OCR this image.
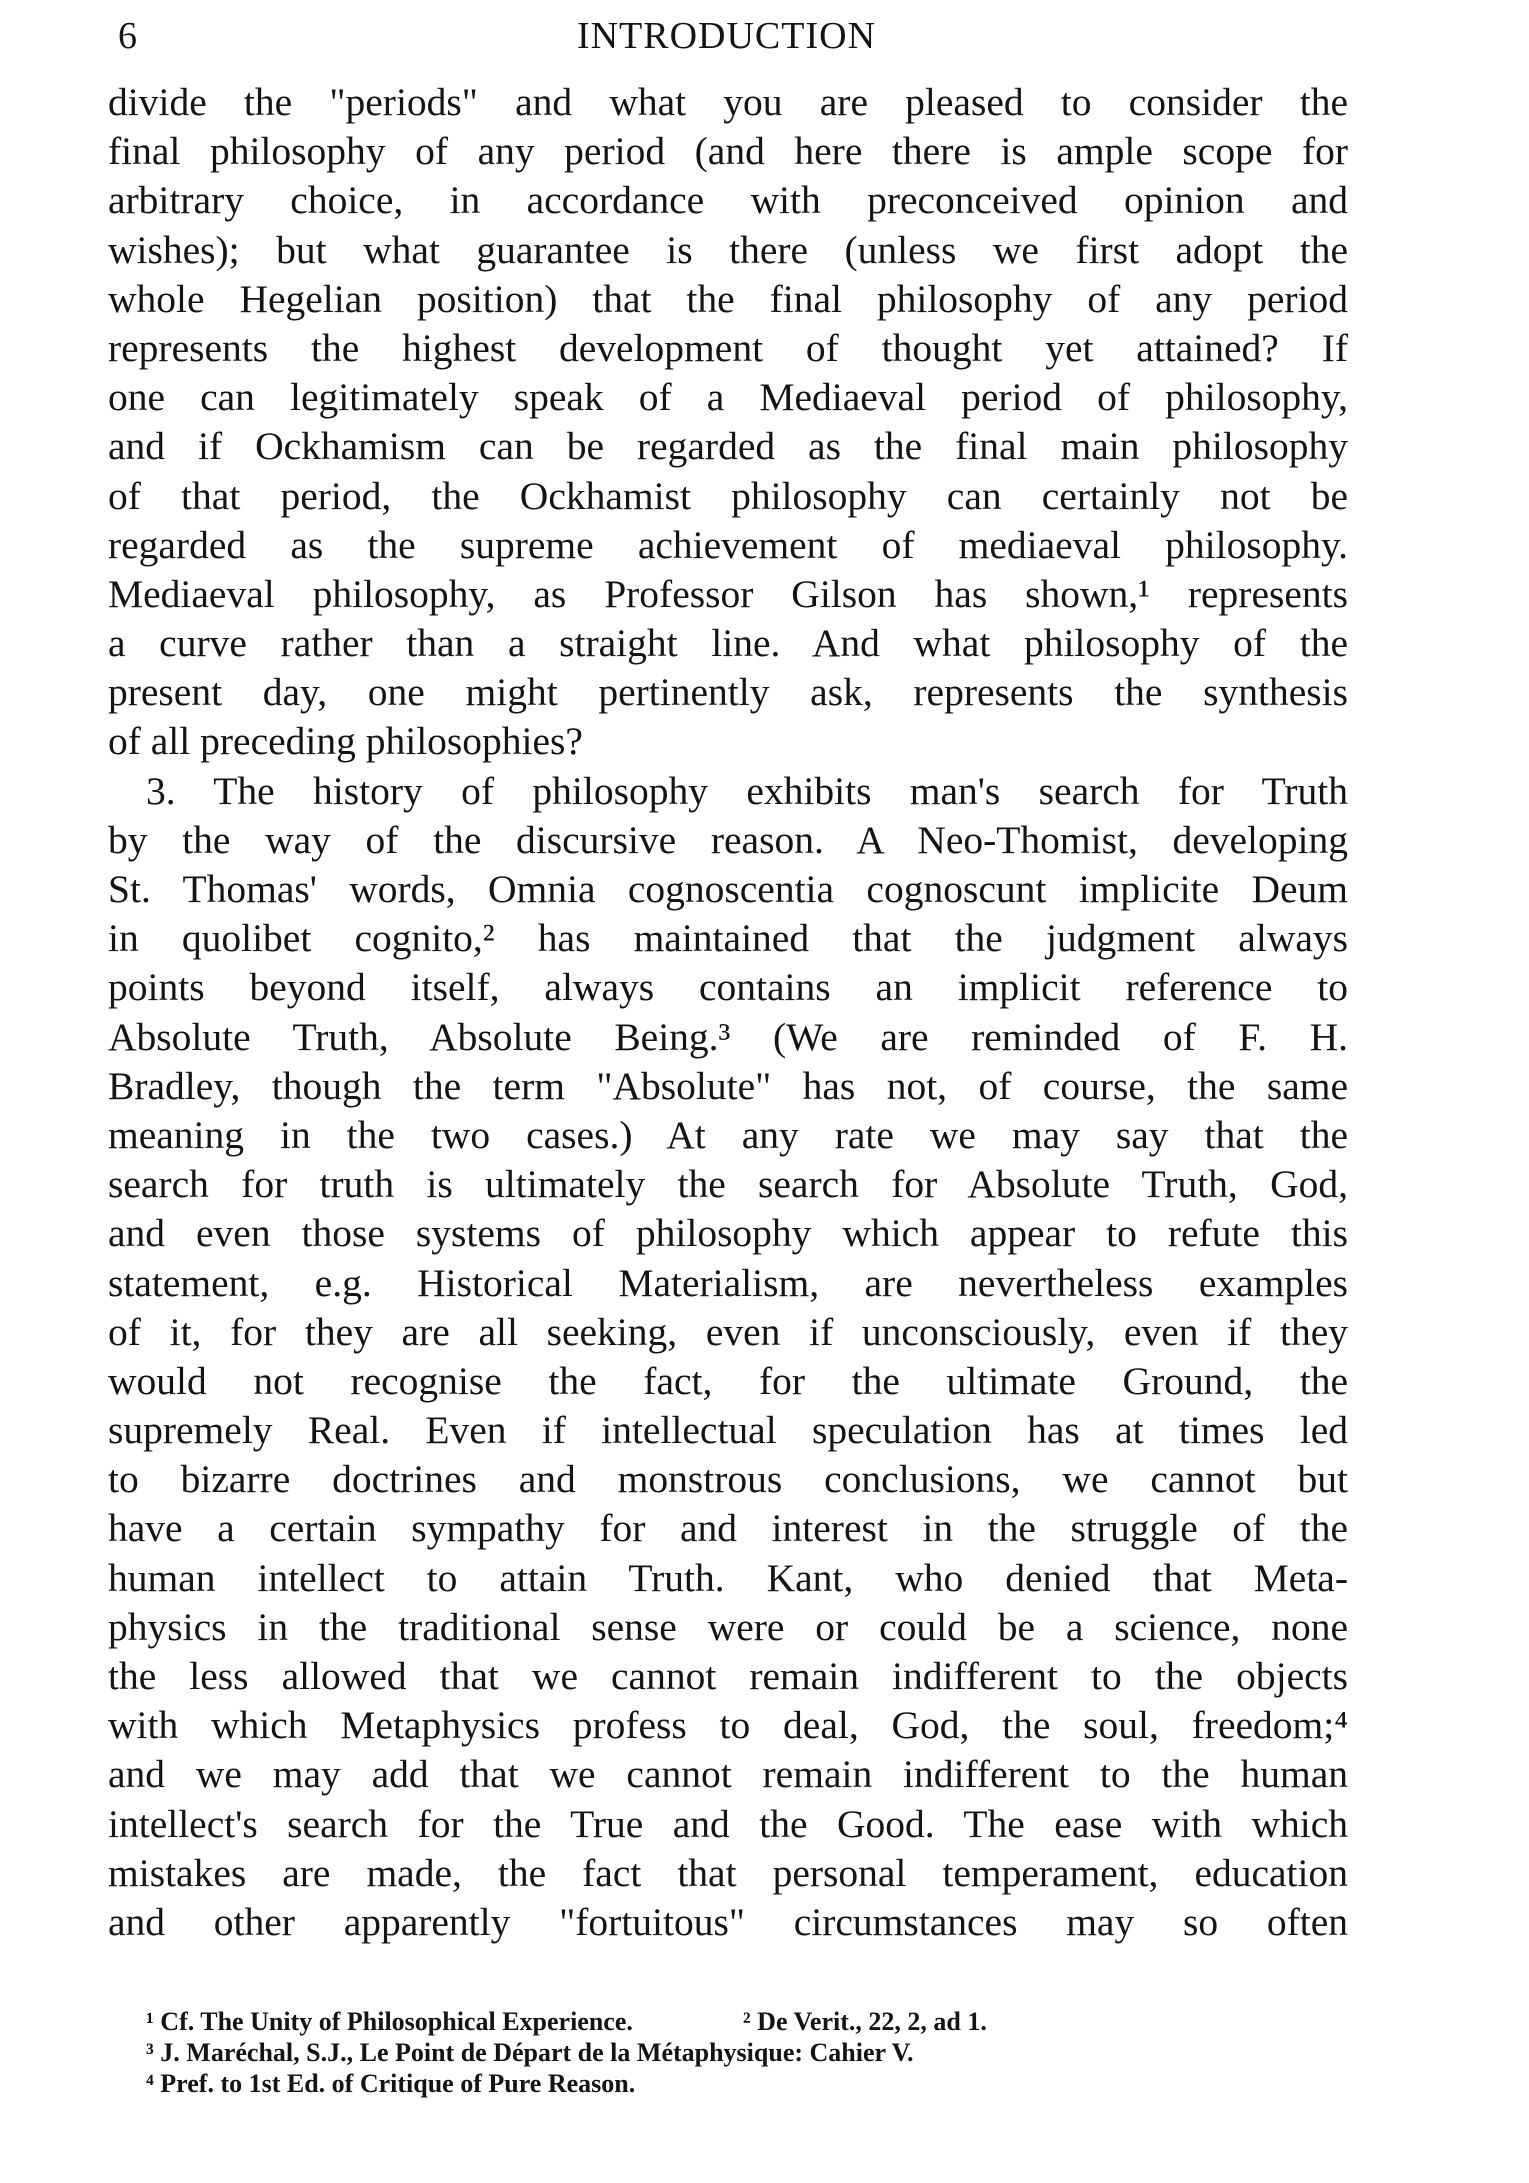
6	INTRODUCTION
divide the "periods" and what you are pleased to consider the
final philosophy of any period (and here there is ample scope for
arbitrary choice, in accordance with preconceived opinion and
wishes); but what guarantee is there (unless we first adopt the
whole Hegelian position) that the final philosophy of any period
represents the highest development of thought yet attained? If
one can legitimately speak of a Mediaeval period of philosophy,
and if Ockhamism can be regarded as the final main philosophy
of that period, the Ockhamist philosophy can certainly not be
regarded as the supreme achievement of mediaeval philosophy.
Mediaeval philosophy, as Professor Gilson has shown,¹ represents
a curve rather than a straight line. And what philosophy of the
present day, one might pertinently ask, represents the synthesis
of all preceding philosophies?
3. The history of philosophy exhibits man's search for Truth
by the way of the discursive reason. A Neo-Thomist, developing
St. Thomas' words, Omnia cognoscentia cognoscunt implicite Deum
in quolibet cognito,² has maintained that the judgment always
points beyond itself, always contains an implicit reference to
Absolute Truth, Absolute Being.³ (We are reminded of F. H.
Bradley, though the term "Absolute" has not, of course, the same
meaning in the two cases.) At any rate we may say that the
search for truth is ultimately the search for Absolute Truth, God,
and even those systems of philosophy which appear to refute this
statement, e.g. Historical Materialism, are nevertheless examples
of it, for they are all seeking, even if unconsciously, even if they
would not recognise the fact, for the ultimate Ground, the
supremely Real. Even if intellectual speculation has at times led
to bizarre doctrines and monstrous conclusions, we cannot but
have a certain sympathy for and interest in the struggle of the
human intellect to attain Truth. Kant, who denied that Meta-
physics in the traditional sense were or could be a science, none
the less allowed that we cannot remain indifferent to the objects
with which Metaphysics profess to deal, God, the soul, freedom;⁴
and we may add that we cannot remain indifferent to the human
intellect's search for the True and the Good. The ease with which
mistakes are made, the fact that personal temperament, education
and other apparently "fortuitous" circumstances may so often
¹ Cf. The Unity of Philosophical Experience.	² De Verit., 22, 2, ad 1.
³ J. Maréchal, S.J., Le Point de Départ de la Métaphysique: Cahier V.
⁴ Pref. to 1st Ed. of Critique of Pure Reason.
